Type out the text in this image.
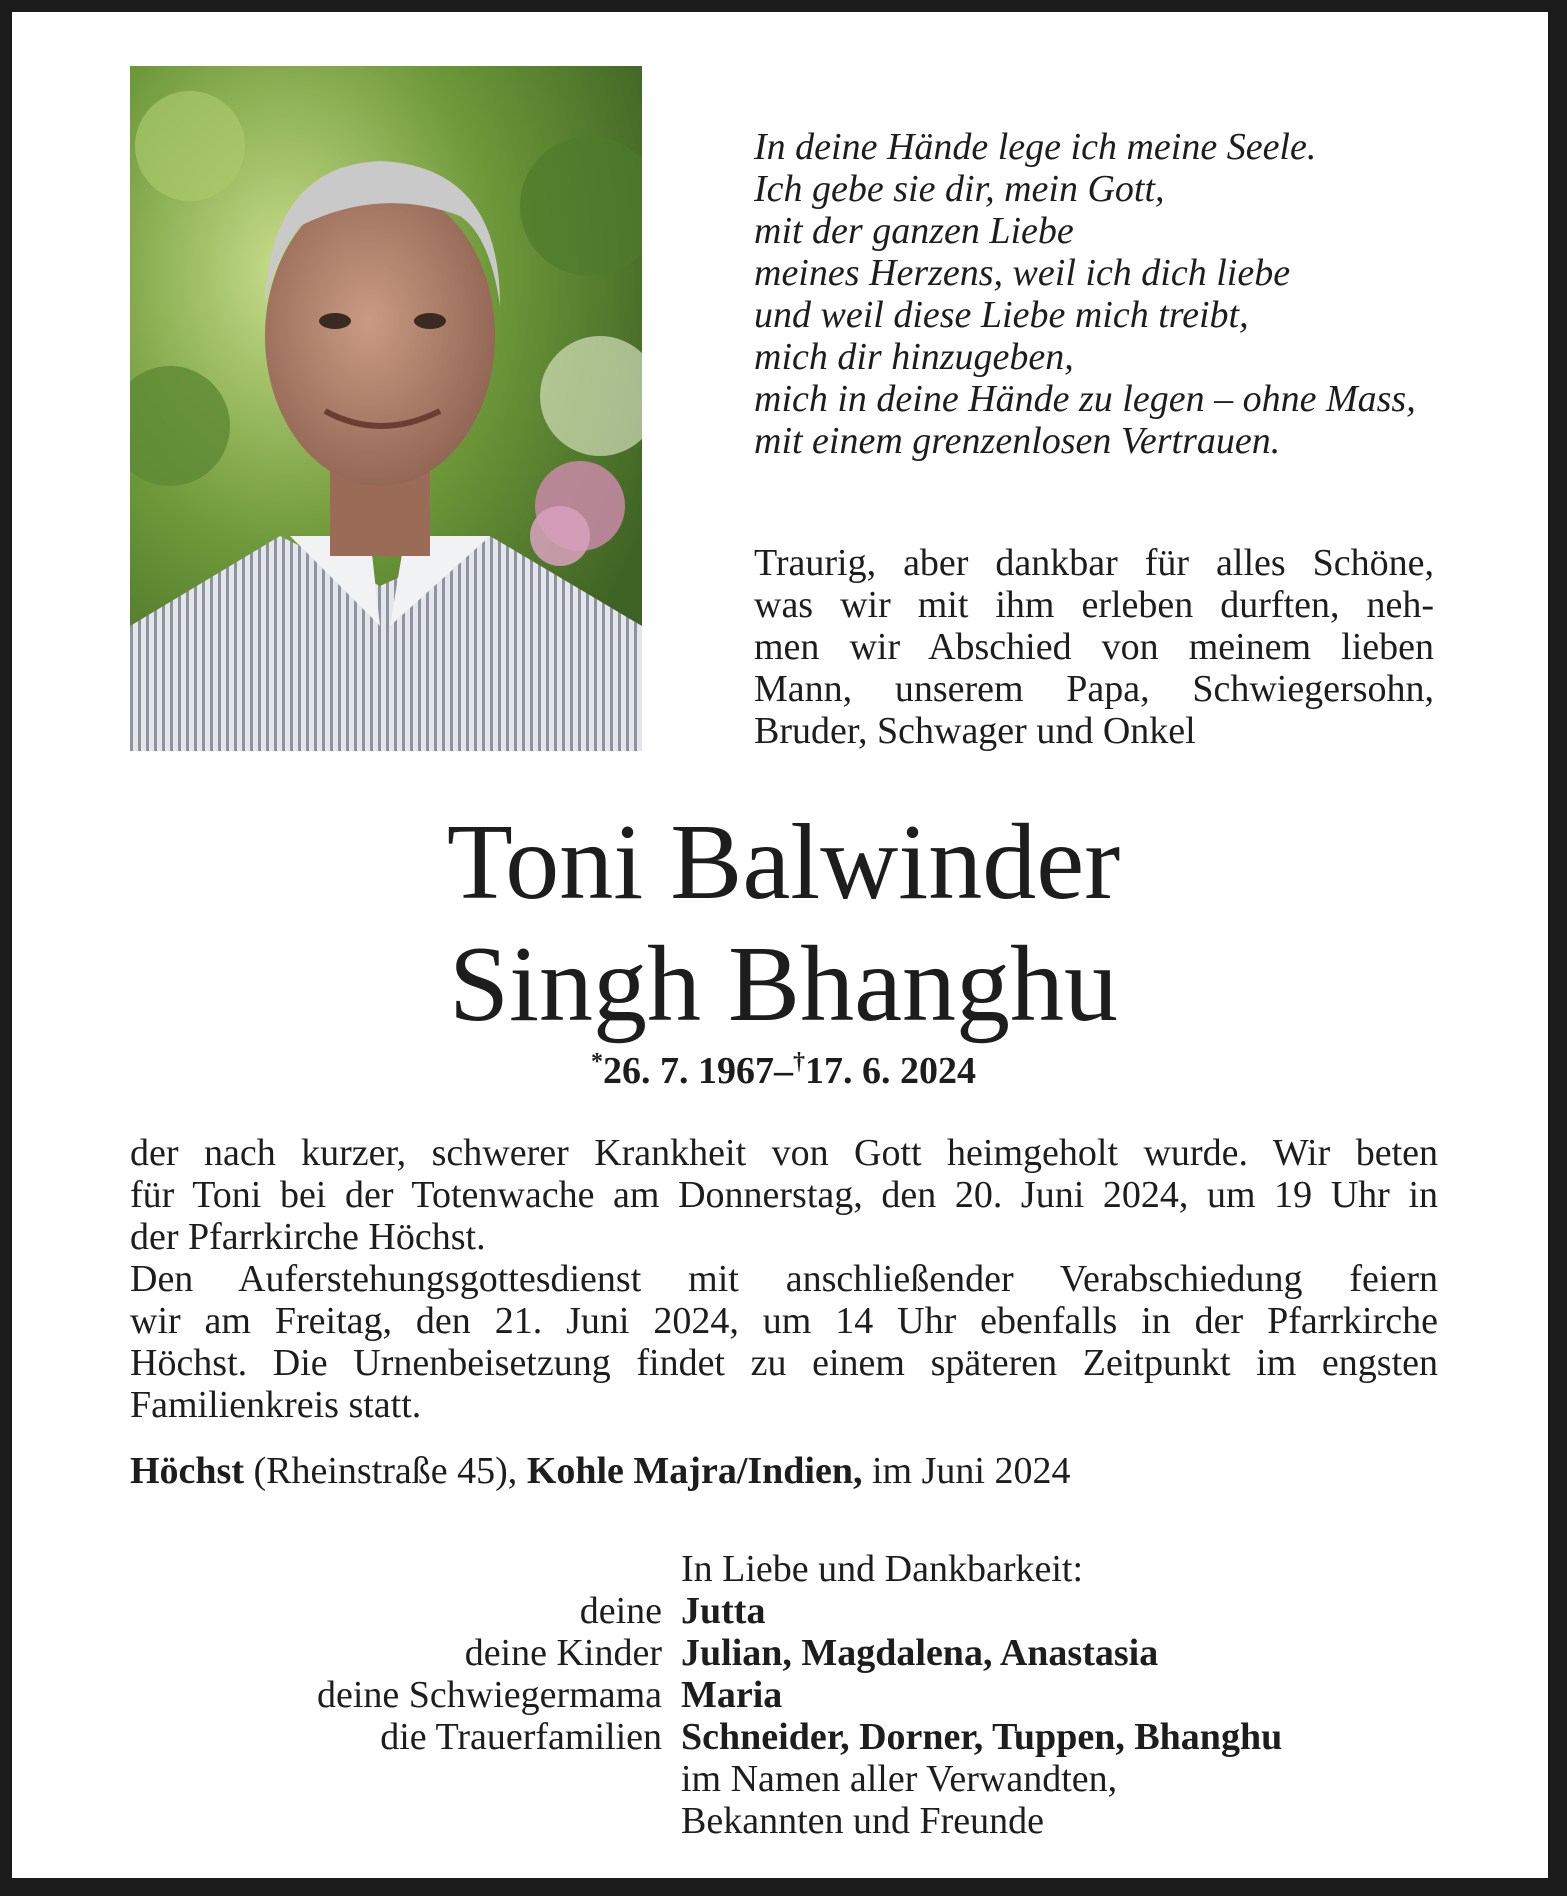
In deine Hände lege ich meine Seele.
Ich gebe sie dir, mein Gott,
mit der ganzen Liebe
meines Herzens, weil ich dich liebe
und weil diese Liebe mich treibt,
mich dir hinzugeben,
mich in deine Hände zu legen – ohne Mass,
mit einem grenzenlosen Vertrauen.
Traurig, aber dankbar für alles Schöne,
was wir mit ihm erleben durften, neh-
men wir Abschied von meinem lieben
Mann, unserem Papa, Schwiegersohn,
Bruder, Schwager und Onkel
Toni Balwinder
Singh Bhanghu
*26. 7. 1967–†17. 6. 2024

der nach kurzer, schwerer Krankheit von Gott heimgeholt wurde. Wir beten
für Toni bei der Totenwache am Donnerstag, den 20. Juni 2024, um 19 Uhr in
der Pfarrkirche Höchst.

Den Auferstehungsgottesdienst mit anschließender Verabschiedung feiern
wir am Freitag, den 21. Juni 2024, um 14 Uhr ebenfalls in der Pfarrkirche
Höchst. Die Urnenbeisetzung findet zu einem späteren Zeitpunkt im engsten
Familienkreis statt.

Höchst (Rheinstraße 45), Kohle Majra/Indien, im Juni 2024
In Liebe und Dankbarkeit:
deine Jutta
deine Kinder Julian, Magdalena, Anastasia
deine Schwiegermama Maria
die Trauerfamilien Schneider, Dorner, Tuppen, Bhanghu
im Namen aller Verwandten,
Bekannten und Freunde
